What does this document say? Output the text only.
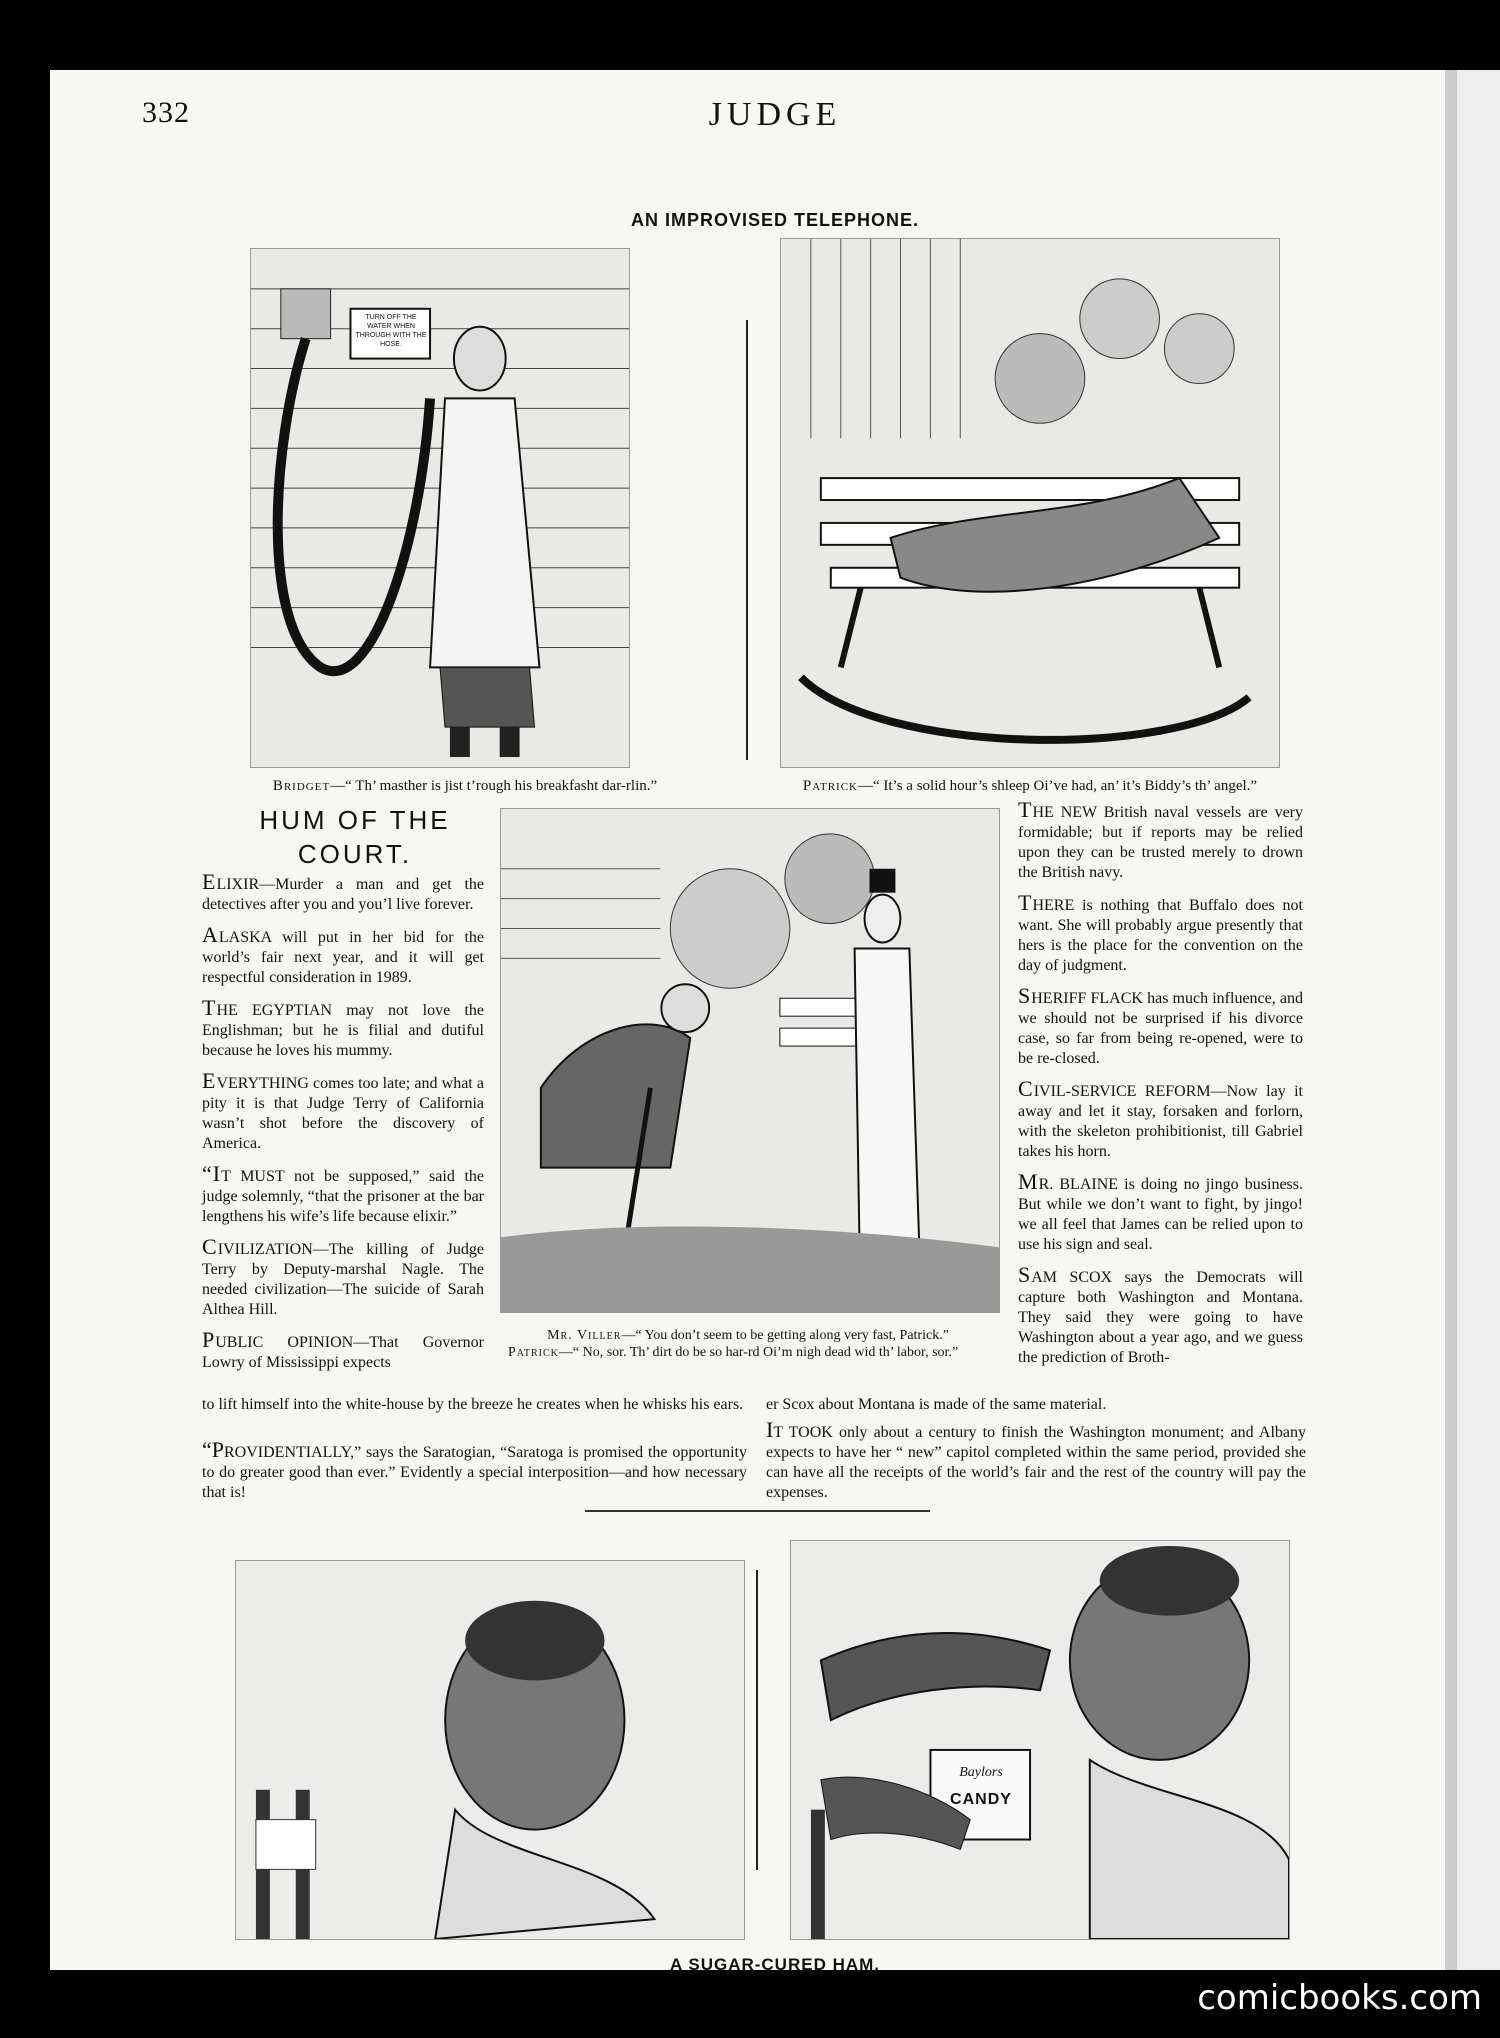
332	JUDGE
AN IMPROVISED TELEPHONE.
TURN OFF THE WATER WHEN THROUGH WITH THE HOSE.
Bridget—“ Th’ masther is jist t’rough his breakfasht dar-rlin.”	Patrick—“ It’s a solid hour’s shleep Oi’ve had, an’ it’s Biddy’s th’ angel.”
HUM OF THE
COURT.
ELIXIR—Murder a man and get the detectives after you and you’l live forever.
ALASKA will put in her bid for the world’s fair next year, and it will get respectful consideration in 1989.
THE EGYPTIAN may not love the Englishman; but he is filial and dutiful because he loves his mummy.
EVERYTHING comes too late; and what a pity it is that Judge Terry of California wasn’t shot before the discovery of America.
“IT MUST not be supposed,” said the judge solemnly, “that the prisoner at the bar lengthens his wife’s life because elixir.”
CIVILIZATION—The killing of Judge Terry by Deputy-marshal Nagle. The needed civilization—The suicide of Sarah Althea Hill.
PUBLIC OPINION—That Governor Lowry of Mississippi expects
Mr. Viller—“ You don’t seem to be getting along very fast, Patrick.”
Patrick—“ No, sor. Th’ dirt do be so har-rd Oi’m nigh dead wid th’ labor, sor.”
THE NEW British naval vessels are very formidable; but if reports may be relied upon they can be trusted merely to drown the British navy.
THERE is nothing that Buffalo does not want. She will probably argue presently that hers is the place for the convention on the day of judgment.
SHERIFF FLACK has much influence, and we should not be surprised if his divorce case, so far from being re-opened, were to be re-closed.
CIVIL-SERVICE REFORM—Now lay it away and let it stay, forsaken and forlorn, with the skeleton prohibitionist, till Gabriel takes his horn.
MR. BLAINE is doing no jingo business. But while we don’t want to fight, by jingo! we all feel that James can be relied upon to use his sign and seal.
SAM SCOX says the Democrats will capture both Washington and Montana. They said they were going to have Washington about a year ago, and we guess the prediction of Broth-
to lift himself into the white-house by the breeze he creates when he whisks his ears.
“PROVIDENTIALLY,” says the Saratogian, “Saratoga is promised the opportunity to do greater good than ever.” Evidently a special interposition—and how necessary that is!
er Scox about Montana is made of the same material.
IT TOOK only about a century to finish the Washington monument; and Albany expects to have her “ new” capitol completed within the same period, provided she can have all the receipts of the world’s fair and the rest of the country will pay the expenses.
Baylors
CANDY
A SUGAR-CURED HAM.
comicbooks.com
